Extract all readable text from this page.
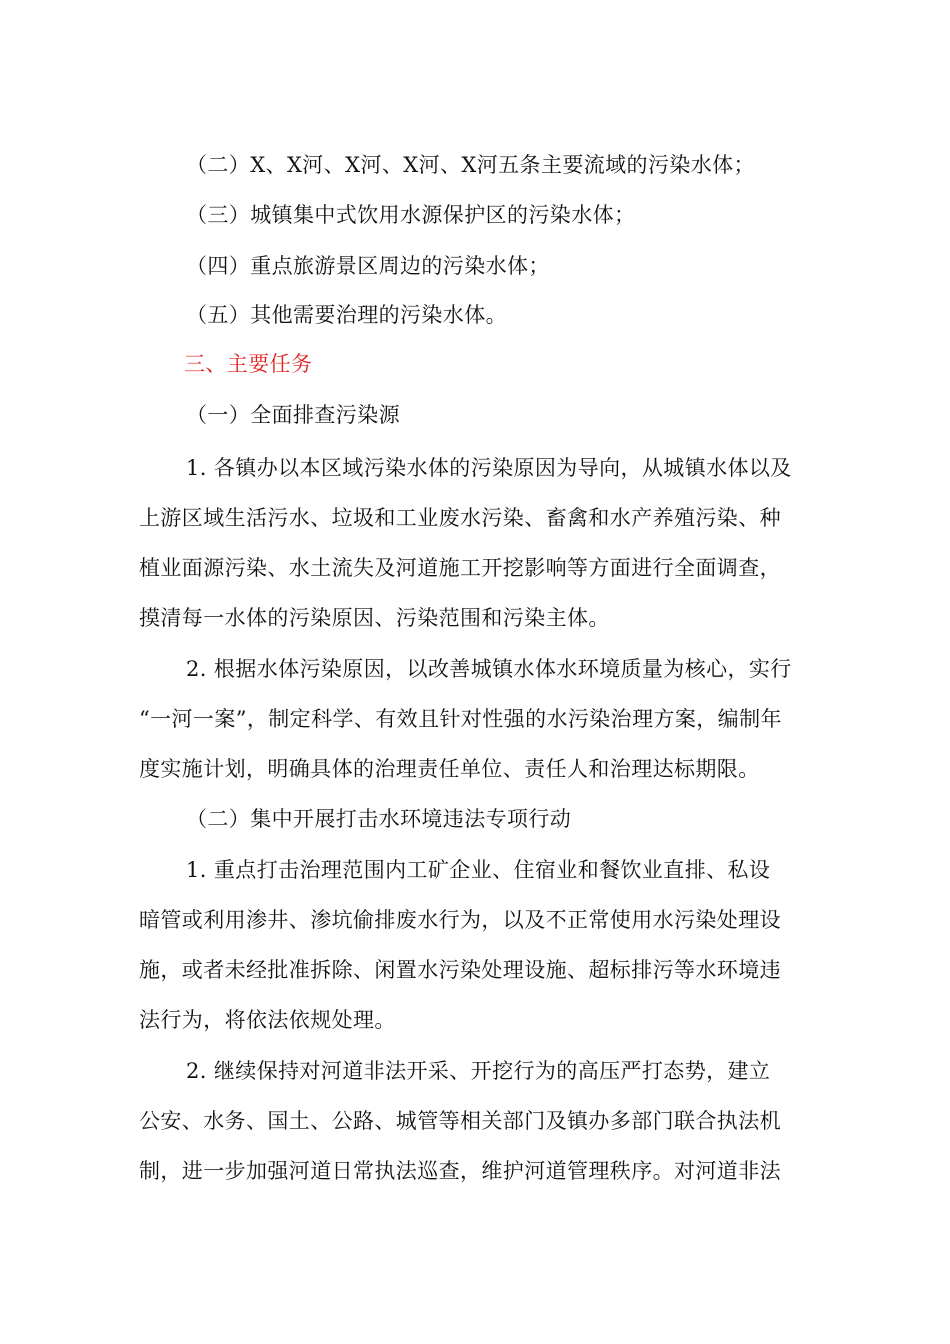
（二）X、X河、X河、X河、X河五条主要流域的污染水体；
（三）城镇集中式饮用水源保护区的污染水体；
（四）重点旅游景区周边的污染水体；
（五）其他需要治理的污染水体。
三、主要任务
（一）全面排查污染源
1. 各镇办以本区域污染水体的污染原因为导向，从城镇水体以及
上游区域生活污水、垃圾和工业废水污染、畜禽和水产养殖污染、种
植业面源污染、水土流失及河道施工开挖影响等方面进行全面调查，
摸清每一水体的污染原因、污染范围和污染主体。
2. 根据水体污染原因，以改善城镇水体水环境质量为核心，实行
“一河一案”，制定科学、有效且针对性强的水污染治理方案，编制年
度实施计划，明确具体的治理责任单位、责任人和治理达标期限。
（二）集中开展打击水环境违法专项行动
1. 重点打击治理范围内工矿企业、住宿业和餐饮业直排、私设
暗管或利用渗井、渗坑偷排废水行为，以及不正常使用水污染处理设
施，或者未经批准拆除、闲置水污染处理设施、超标排污等水环境违
法行为，将依法依规处理。
2. 继续保持对河道非法开采、开挖行为的高压严打态势，建立
公安、水务、国土、公路、城管等相关部门及镇办多部门联合执法机
制，进一步加强河道日常执法巡查，维护河道管理秩序。对河道非法
